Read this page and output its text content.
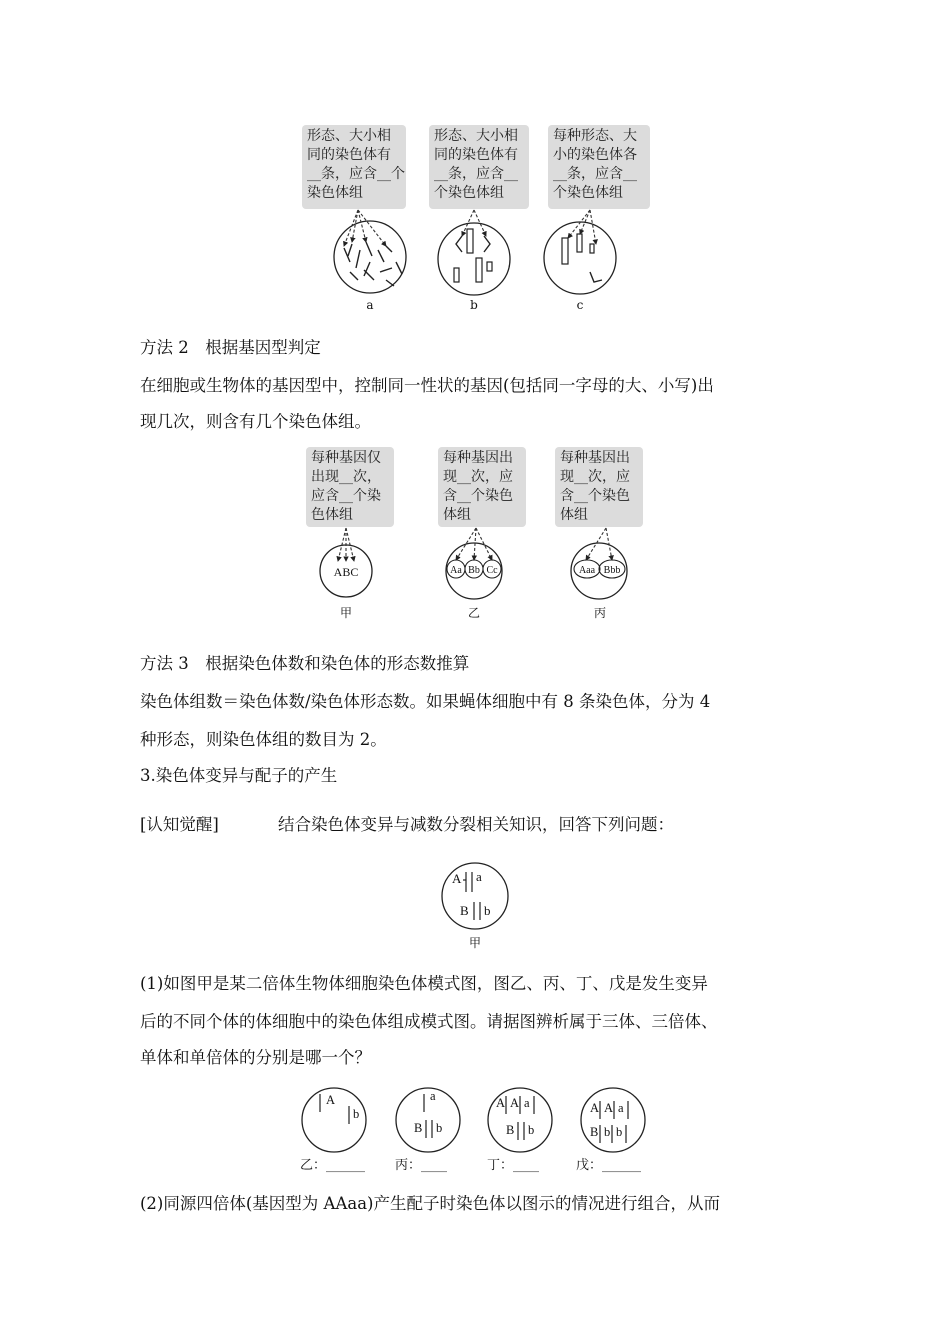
形态、大小相
同的染色体有
__条，应含__个
染色体组
形态、大小相
同的染色体有
__条，应含__
个染色体组
每种形态、大
小的染色体各
__条，应含__
个染色体组
a	b	c
方法 2　根据基因型判定
在细胞或生物体的基因型中，控制同一性状的基因(包括同一字母的大、小写)出
现几次，则含有几个染色体组。
每种基因仅
出现__次，
应含__个染
色体组
每种基因出
现__次，应
含__个染色
体组
每种基因出
现__次，应
含__个染色
体组
ABC	Aa Bb Cc	Aaa Bbb
甲	乙	丙
方法 3　根据染色体数和染色体的形态数推算
染色体组数＝染色体数/染色体形态数。如果蝇体细胞中有 8 条染色体，分为 4
种形态，则染色体组的数目为 2。
3.染色体变异与配子的产生
[认知觉醒]	结合染色体变异与减数分裂相关知识，回答下列问题：
A a
B b
甲
(1)如图甲是某二倍体生物体细胞染色体模式图，图乙、丙、丁、戊是发生变异
后的不同个体的体细胞中的染色体组成模式图。请据图辨析属于三体、三倍体、
单体和单倍体的分别是哪一个？
A
b
a
B b
A A a
B b
A A a
B b b
乙：______ 丙：____	丁：____	戊：______
(2)同源四倍体(基因型为 AAaa)产生配子时染色体以图示的情况进行组合，从而
